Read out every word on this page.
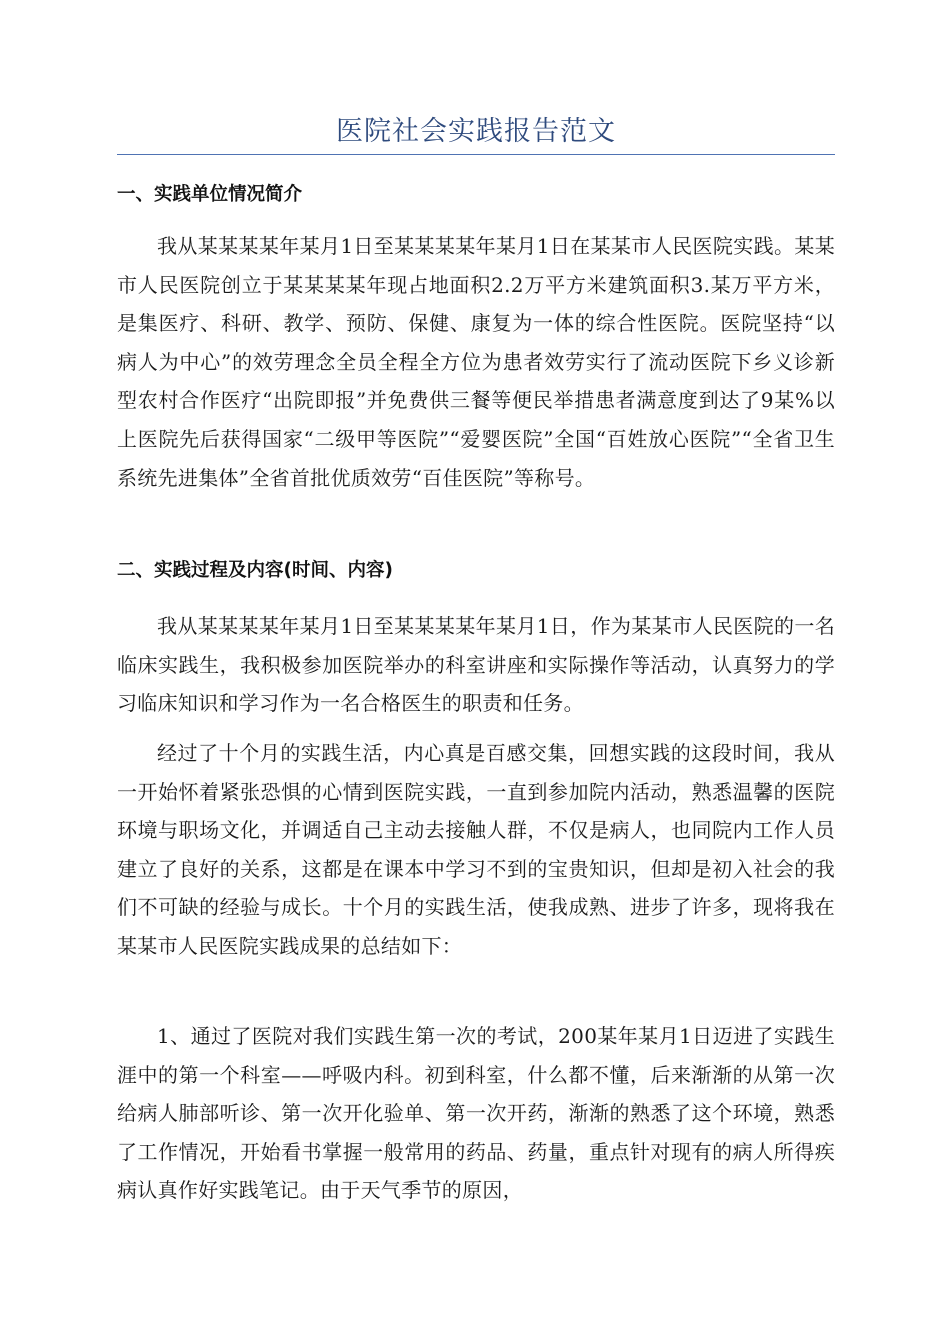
医院社会实践报告范文
一、实践单位情况简介

我从某某某某年某月1日至某某某某年某月1日在某某市人民医院实践。某某市人民医院创立于某某某某年现占地面积2.2万平方米建筑面积3.某万平方米，是集医疗、科研、教学、预防、保健、康复为一体的综合性医院。医院坚持“以病人为中心”的效劳理念全员全程全方位为患者效劳实行了流动医院下乡义诊新型农村合作医疗“出院即报”并免费供三餐等便民举措患者满意度到达了9某%以上医院先后获得国家“二级甲等医院”“爱婴医院”全国“百姓放心医院”“全省卫生系统先进集体”全省首批优质效劳“百佳医院”等称号。

二、实践过程及内容(时间、内容)

我从某某某某年某月1日至某某某某年某月1日，作为某某市人民医院的一名临床实践生，我积极参加医院举办的科室讲座和实际操作等活动，认真努力的学习临床知识和学习作为一名合格医生的职责和任务。

经过了十个月的实践生活，内心真是百感交集，回想实践的这段时间，我从一开始怀着紧张恐惧的心情到医院实践，一直到参加院内活动，熟悉温馨的医院环境与职场文化，并调适自己主动去接触人群，不仅是病人，也同院内工作人员建立了良好的关系，这都是在课本中学习不到的宝贵知识，但却是初入社会的我们不可缺的经验与成长。十个月的实践生活，使我成熟、进步了许多，现将我在某某市人民医院实践成果的总结如下：

1、通过了医院对我们实践生第一次的考试，200某年某月1日迈进了实践生涯中的第一个科室——呼吸内科。初到科室，什么都不懂，后来渐渐的从第一次给病人肺部听诊、第一次开化验单、第一次开药，渐渐的熟悉了这个环境，熟悉了工作情况，开始看书掌握一般常用的药品、药量，重点针对现有的病人所得疾病认真作好实践笔记。由于天气季节的原因，
